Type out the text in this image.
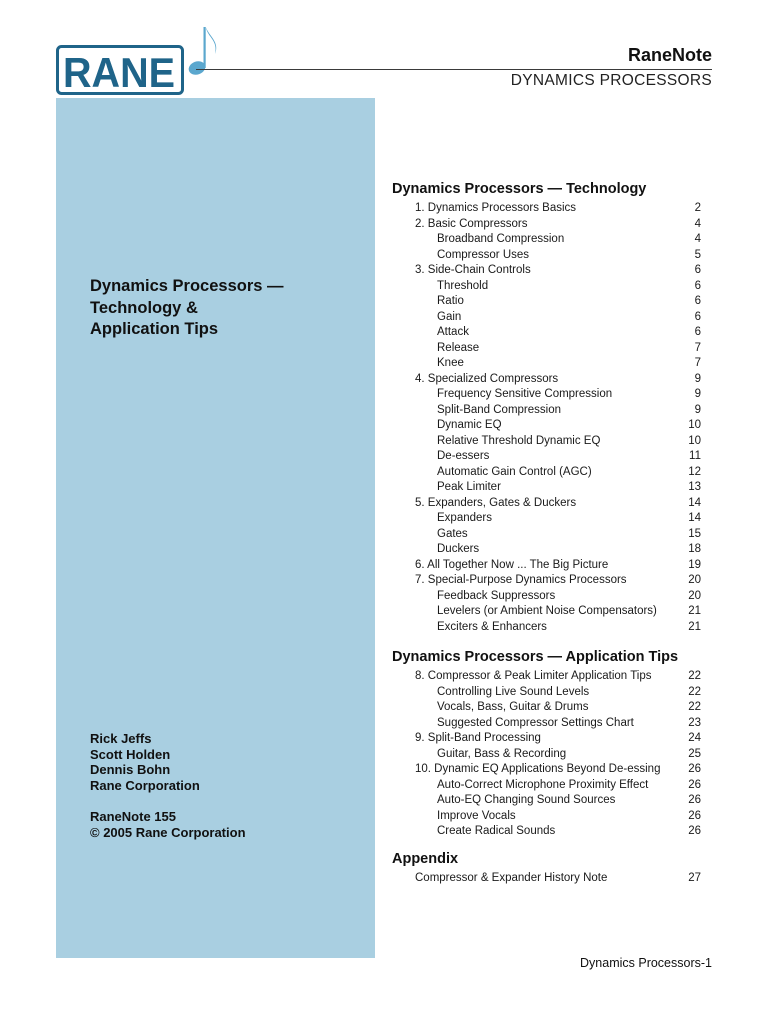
RANE	RaneNote
DYNAMICS PROCESSORS
Dynamics Processors —
Technology &
Application Tips
Rick Jeffs
Scott Holden
Dennis Bohn
Rane Corporation
RaneNote 155
© 2005 Rane Corporation
Dynamics Processors — Technology
1. Dynamics Processors Basics	2
2. Basic Compressors	4
Broadband Compression	4
Compressor Uses	5
3. Side-Chain Controls	6
Threshold	6
Ratio	6
Gain	6
Attack	6
Release	7
Knee	7
4. Specialized Compressors	9
Frequency Sensitive Compression	9
Split-Band Compression	9
Dynamic EQ	10
Relative Threshold Dynamic EQ	10
De-essers	11
Automatic Gain Control (AGC)	12
Peak Limiter	13
5. Expanders, Gates & Duckers	14
Expanders	14
Gates	15
Duckers	18
6. All Together Now ... The Big Picture	19
7. Special-Purpose Dynamics Processors	20
Feedback Suppressors	20
Levelers (or Ambient Noise Compensators)	21
Exciters & Enhancers	21
Dynamics Processors — Application Tips
8. Compressor & Peak Limiter Application Tips	22
Controlling Live Sound Levels	22
Vocals, Bass, Guitar & Drums	22
Suggested Compressor Settings Chart	23
9. Split-Band Processing	24
Guitar, Bass & Recording	25
10. Dynamic EQ Applications Beyond De-essing 26
Auto-Correct Microphone Proximity Effect	26
Auto-EQ Changing Sound Sources	26
Improve Vocals	26
Create Radical Sounds	26
Appendix
Compressor & Expander History Note	27
Dynamics Processors-1
